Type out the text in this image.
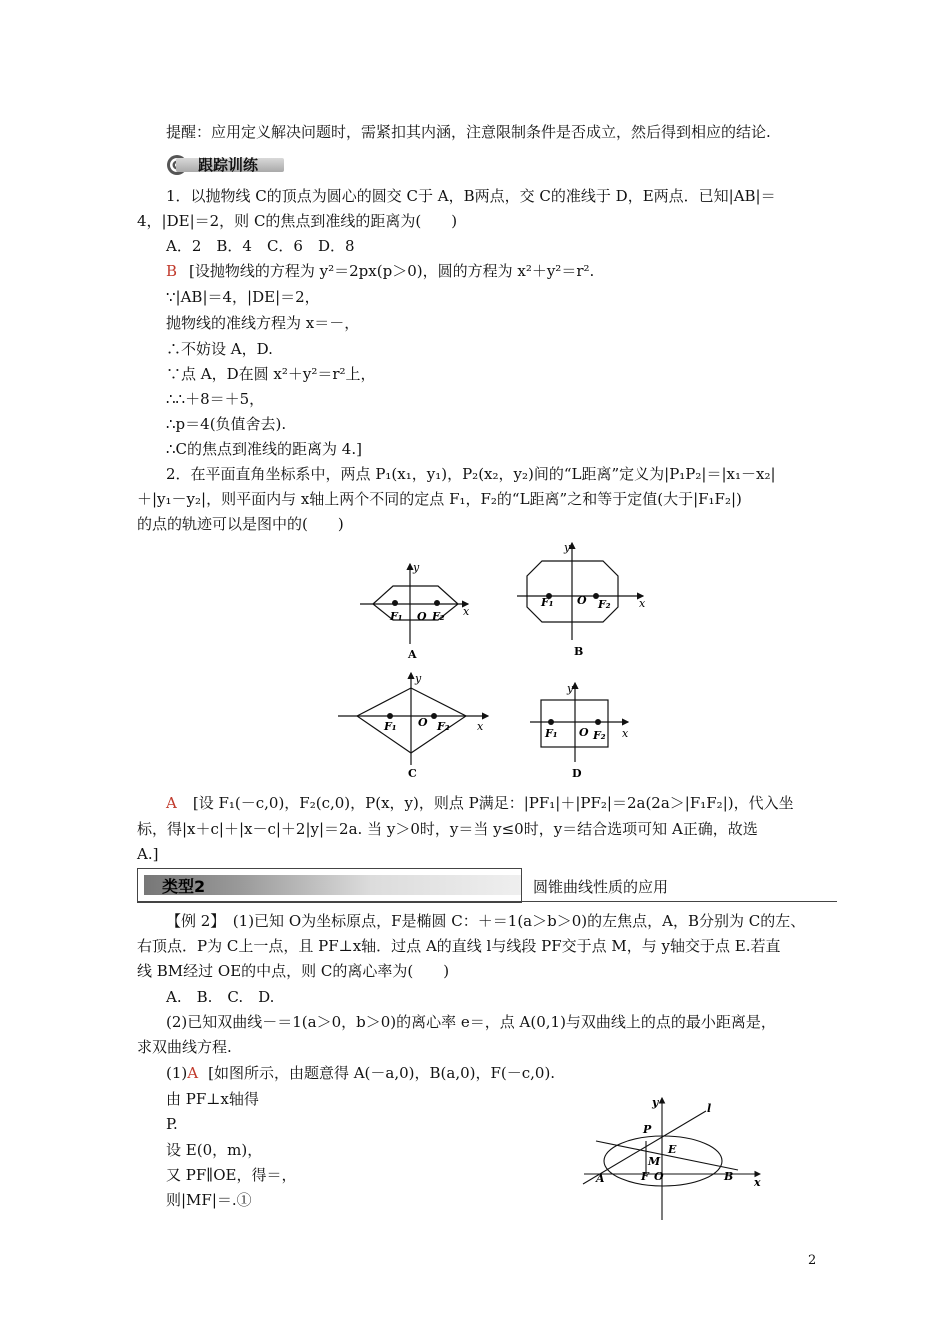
提醒：应用定义解决问题时，需紧扣其内涵，注意限制条件是否成立，然后得到相应的结论.
跟踪训练
1．以抛物线 C的顶点为圆心的圆交 C于 A，B两点，交 C的准线于 D，E两点．已知|AB|＝
4，|DE|＝2，则 C的焦点到准线的距离为(　　)
A．2　B．4　C．6　D．8
B [设抛物线的方程为 y²＝2px(p＞0)，圆的方程为 x²＋y²＝r².
∵|AB|＝4，|DE|＝2，
抛物线的准线方程为 x＝－，
∴不妨设 A，D.
∵点 A，D在圆 x²＋y²＝r²上，
∴∴＋8＝＋5，
∴p＝4(负值舍去).
∴C的焦点到准线的距离为 4.]
2．在平面直角坐标系中，两点 P₁(x₁，y₁)，P₂(x₂，y₂)间的“L距离”定义为|P₁P₂|＝|x₁－x₂|
＋|y₁－y₂|，则平面内与 x轴上两个不同的定点 F₁，F₂的“L距离”之和等于定值(大于|F₁F₂|)
的点的轨迹可以是图中的(　　)
y
x
F₁ O F₂
A
y
x
F₁ O F₂
B
y
x
F₁ O F₂
C
y
x
F₁ O F₂
D
A [设 F₁(－c,0)，F₂(c,0)，P(x，y)，则点 P满足：|PF₁|＋|PF₂|＝2a(2a＞|F₁F₂|)，代入坐
标，得|x＋c|＋|x－c|＋2|y|＝2a. 当 y＞0时，y＝当 y≤0时，y＝结合选项可知 A正确，故选
A.]
类型2	圆锥曲线性质的应用
【例 2】　(1)已知 O为坐标原点，F是椭圆 C：＋＝1(a＞b＞0)的左焦点，A，B分别为 C的左、
右顶点．P为 C上一点，且 PF⊥x轴．过点 A的直线 l与线段 PF交于点 M，与 y轴交于点 E.若直
线 BM经过 OE的中点，则 C的离心率为(　　)
A.　B.　C.　D.
(2)已知双曲线－＝1(a＞0，b＞0)的离心率 e＝，点 A(0,1)与双曲线上的点的最小距离是，
求双曲线方程.
(1)A [如图所示，由题意得 A(－a,0)，B(a,0)，F(－c,0).
由 PF⊥x轴得
P.
设 E(0，m)，
又 PF∥OE，得＝，
则|MF|＝.①
y
x
l
P
E
M
A	F O	B
2
